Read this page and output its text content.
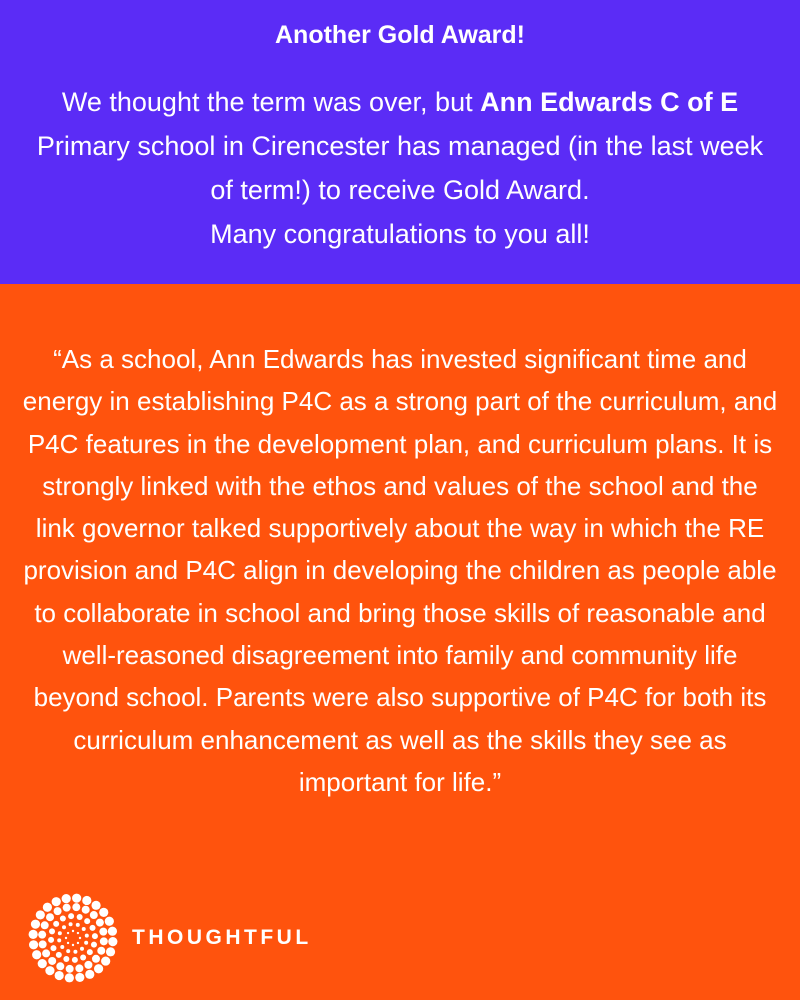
Another Gold Award!
We thought the term was over, but Ann Edwards C of E Primary school in Cirencester has managed (in the last week of term!) to receive Gold Award.
Many congratulations to you all!

“As a school, Ann Edwards has invested significant time and energy in establishing P4C as a strong part of the curriculum, and P4C features in the development plan, and curriculum plans. It is strongly linked with the ethos and values of the school and the link governor talked supportively about the way in which the RE provision and P4C align in developing the children as people able to collaborate in school and bring those skills of reasonable and well-reasoned disagreement into family and community life beyond school. Parents were also supportive of P4C for both its curriculum enhancement as well as the skills they see as important for life.”

THOUGHTFUL
